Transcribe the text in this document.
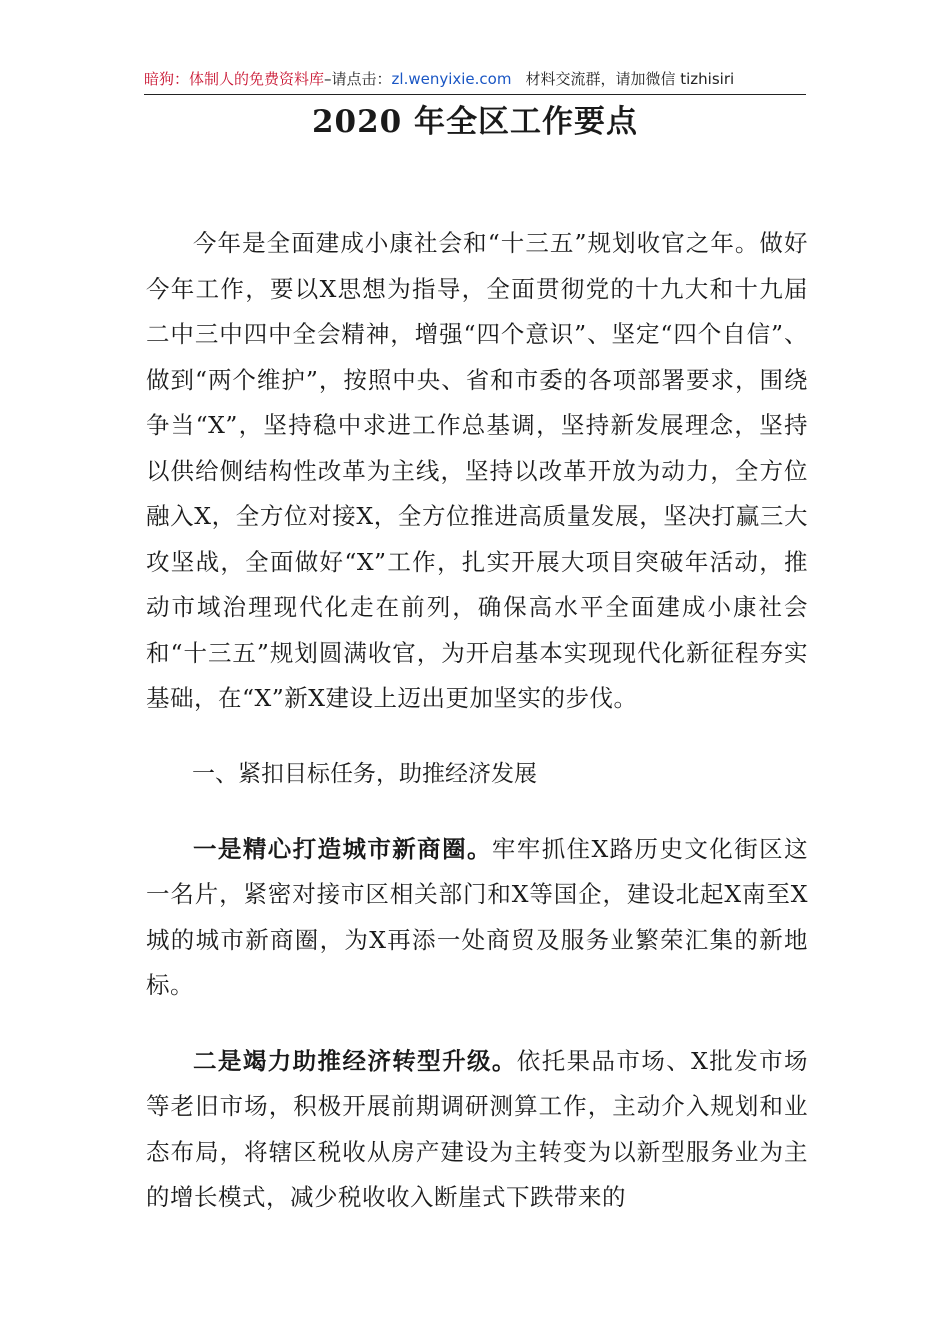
暗狗：体制人的免费资料库–请点击：zl.wenyixie.com 材料交流群，请加微信 tizhisiri
2020 年全区工作要点

今年是全面建成小康社会和“十三五”规划收官之年。做好今年工作，要以X思想为指导，全面贯彻党的十九大和十九届二中三中四中全会精神，增强“四个意识”、坚定“四个自信”、做到“两个维护”，按照中央、省和市委的各项部署要求，围绕争当“X”，坚持稳中求进工作总基调，坚持新发展理念，坚持以供给侧结构性改革为主线，坚持以改革开放为动力，全方位融入X，全方位对接X，全方位推进高质量发展，坚决打赢三大攻坚战，全面做好“X”工作，扎实开展大项目突破年活动，推动市域治理现代化走在前列，确保高水平全面建成小康社会和“十三五”规划圆满收官，为开启基本实现现代化新征程夯实基础，在“X”新X建设上迈出更加坚实的步伐。

一、紧扣目标任务，助推经济发展

一是精心打造城市新商圈。牢牢抓住X路历史文化街区这一名片，紧密对接市区相关部门和X等国企，建设北起X南至X城的城市新商圈，为X再添一处商贸及服务业繁荣汇集的新地标。

二是竭力助推经济转型升级。依托果品市场、X批发市场等老旧市场，积极开展前期调研测算工作，主动介入规划和业态布局，将辖区税收从房产建设为主转变为以新型服务业为主的增长模式，减少税收收入断崖式下跌带来的
